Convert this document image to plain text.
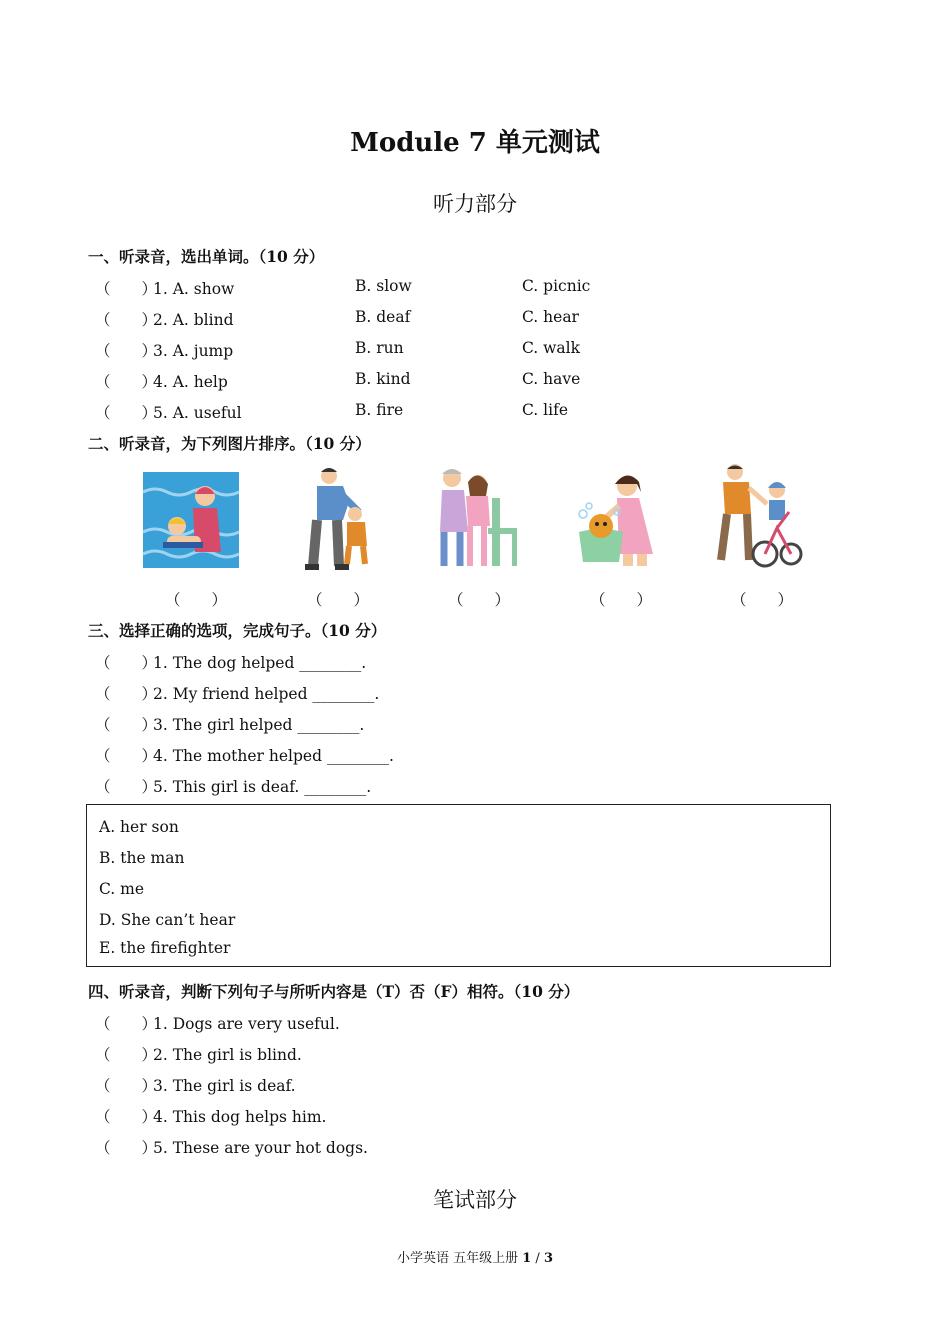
Module 7 单元测试
听力部分
一、听录音，选出单词。（10 分）
（　　）1. A. show	B. slow	C. picnic
（　　）2. A. blind	B. deaf	C. hear
（　　）3. A. jump	B. run	C. walk
（　　）4. A. help	B. kind	C. have
（　　）5. A. useful	B. fire	C. life
二、听录音，为下列图片排序。（10 分）
（　　）	（　　）	（　　）	（　　）	（　　）
三、选择正确的选项，完成句子。（10 分）
（　　）1. The dog helped ________.
（　　）2. My friend helped ________.
（　　）3. The girl helped ________.
（　　）4. The mother helped ________.
（　　）5. This girl is deaf. ________.
A. her son
B. the man
C. me
D. She can’t hear
E. the firefighter
四、听录音，判断下列句子与所听内容是（T）否（F）相符。（10 分）
（　　）1. Dogs are very useful.
（　　）2. The girl is blind.
（　　）3. The girl is deaf.
（　　）4. This dog helps him.
（　　）5. These are your hot dogs.
笔试部分
小学英语 五年级上册 1 / 3
